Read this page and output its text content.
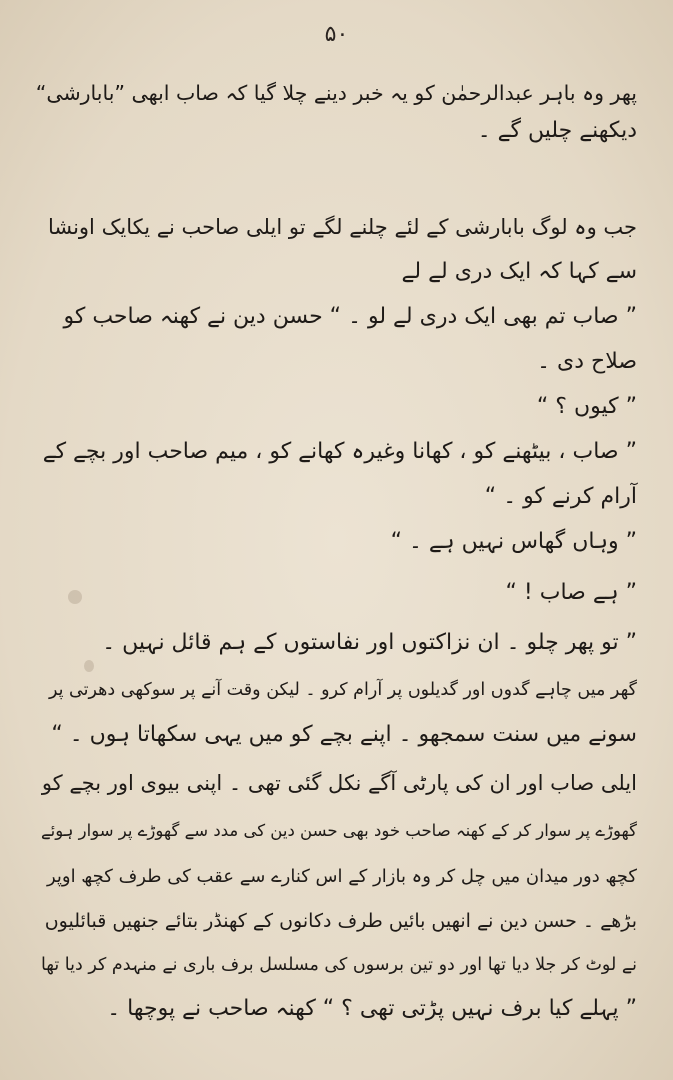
۵۰
پھر وہ باہر عبدالرحمٰن کو یہ خبر دینے چلا گیا کہ صاب ابھی ”بابارشی“
دیکھنے چلیں گے ۔
جب وہ لوگ بابارشی کے لئے چلنے لگے تو ایلی صاحب نے یکایک اونشا
سے کہا کہ ایک دری لے لے
” صاب تم بھی ایک دری لے لو ۔ “ حسن دین نے کھنہ صاحب کو
صلاح دی ۔
” کیوں ؟ “
” صاب ، بیٹھنے کو ، کھانا وغیرہ کھانے کو ، میم صاحب اور بچے کے
آرام کرنے کو ۔ “
” وہاں گھاس نہیں ہے ۔ “
” ہے صاب ! “
” تو پھر چلو ۔ ان نزاکتوں اور نفاستوں کے ہم قائل نہیں ۔
گھر میں چاہے گدوں اور گدیلوں پر آرام کرو ۔ لیکن وقت آنے پر سوکھی دھرتی پر
سونے میں سنت سمجھو ۔ اپنے بچے کو میں یہی سکھاتا ہوں ۔ “
ایلی صاب اور ان کی پارٹی آگے نکل گئی تھی ۔ اپنی بیوی اور بچے کو
گھوڑے پر سوار کر کے کھنہ صاحب خود بھی حسن دین کی مدد سے گھوڑے پر سوار ہوئے
کچھ دور میدان میں چل کر وہ بازار کے اس کنارے سے عقب کی طرف کچھ اوپر
بڑھے ۔ حسن دین نے انھیں بائیں طرف دکانوں کے کھنڈر بتائے جنھیں قبائلیوں
نے لوٹ کر جلا دیا تھا اور دو تین برسوں کی مسلسل برف باری نے منہدم کر دیا تھا
” پہلے کیا برف نہیں پڑتی تھی ؟ “ کھنہ صاحب نے پوچھا ۔
